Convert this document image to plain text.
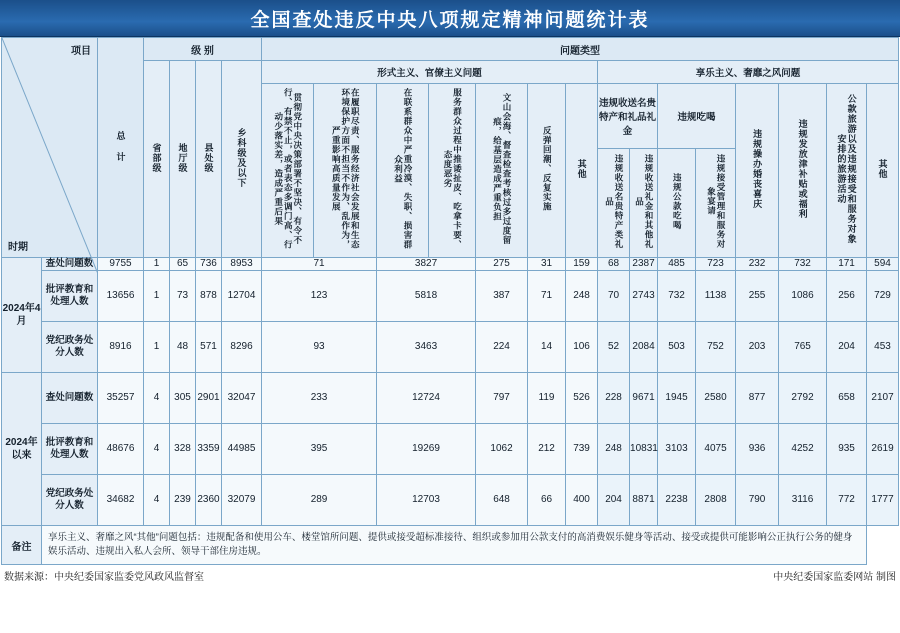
全国查处违反中央八项规定精神问题统计表
项目
时期		总 计	级 别				问题类型														
			省部级	地厅级	县处级	乡科级及以下	形式主义、官僚主义问题							享乐主义、奢靡之风问题							
							贯彻党中央决策部署不坚决、有令不行、有禁不止，或者表态多调门高、行动少落实差，造成严重后果	在履职尽责、服务经济社会发展和生态环境保护方面不担当不作为、乱作为，严重影响高质量发展	在联系群众中严重冷漠、失职、损害群众利益	服务群众过程中推诿扯皮、吃拿卡要、态度恶劣	文山会海、督查检查考核过多过度留痕，给基层造成严重负担	反弹回潮、反复实施	其他	违规收送名贵特产和礼品礼金		违规吃喝		违规操办婚丧喜庆	违规发放津补贴或福利	公款旅游以及违规接受和服务对象安排的旅游活动	其他
														违规收送名贵特产类礼品	违规收送礼金和其他礼品	违规公款吃喝	违规接受管理和服务对象宴请				
2024年4月	查处问题数	9755	1	65	736	8953	71		3827		275	31	159	68	2387	485	723	232	732	171	594
	批评教育和处理人数	13656	1	73	878	12704	123		5818		387	71	248	70	2743	732	1138	255	1086	256	729
	党纪政务处分人数	8916	1	48	571	8296	93		3463		224	14	106	52	2084	503	752	203	765	204	453
2024年以来	查处问题数	35257	4	305	2901	32047	233		12724		797	119	526	228	9671	1945	2580	877	2792	658	2107
	批评教育和处理人数	48676	4	328	3359	44985	395		19269		1062	212	739	248	10831	3103	4075	936	4252	935	2619
	党纪政务处分人数	34682	4	239	2360	32079	289		12703		648	66	400	204	8871	2238	2808	790	3116	772	1777
备注	享乐主义、奢靡之风“其他”问题包括：违规配备和使用公车、楼堂馆所问题、提供或接受超标准接待、组织或参加用公款支付的高消费娱乐健身等活动、接受或提供可能影响公正执行公务的健身娱乐活动、违规出入私人会所、领导干部住房违规。																				
数据来源：中央纪委国家监委党风政风监督室	中央纪委国家监委网站 制图
